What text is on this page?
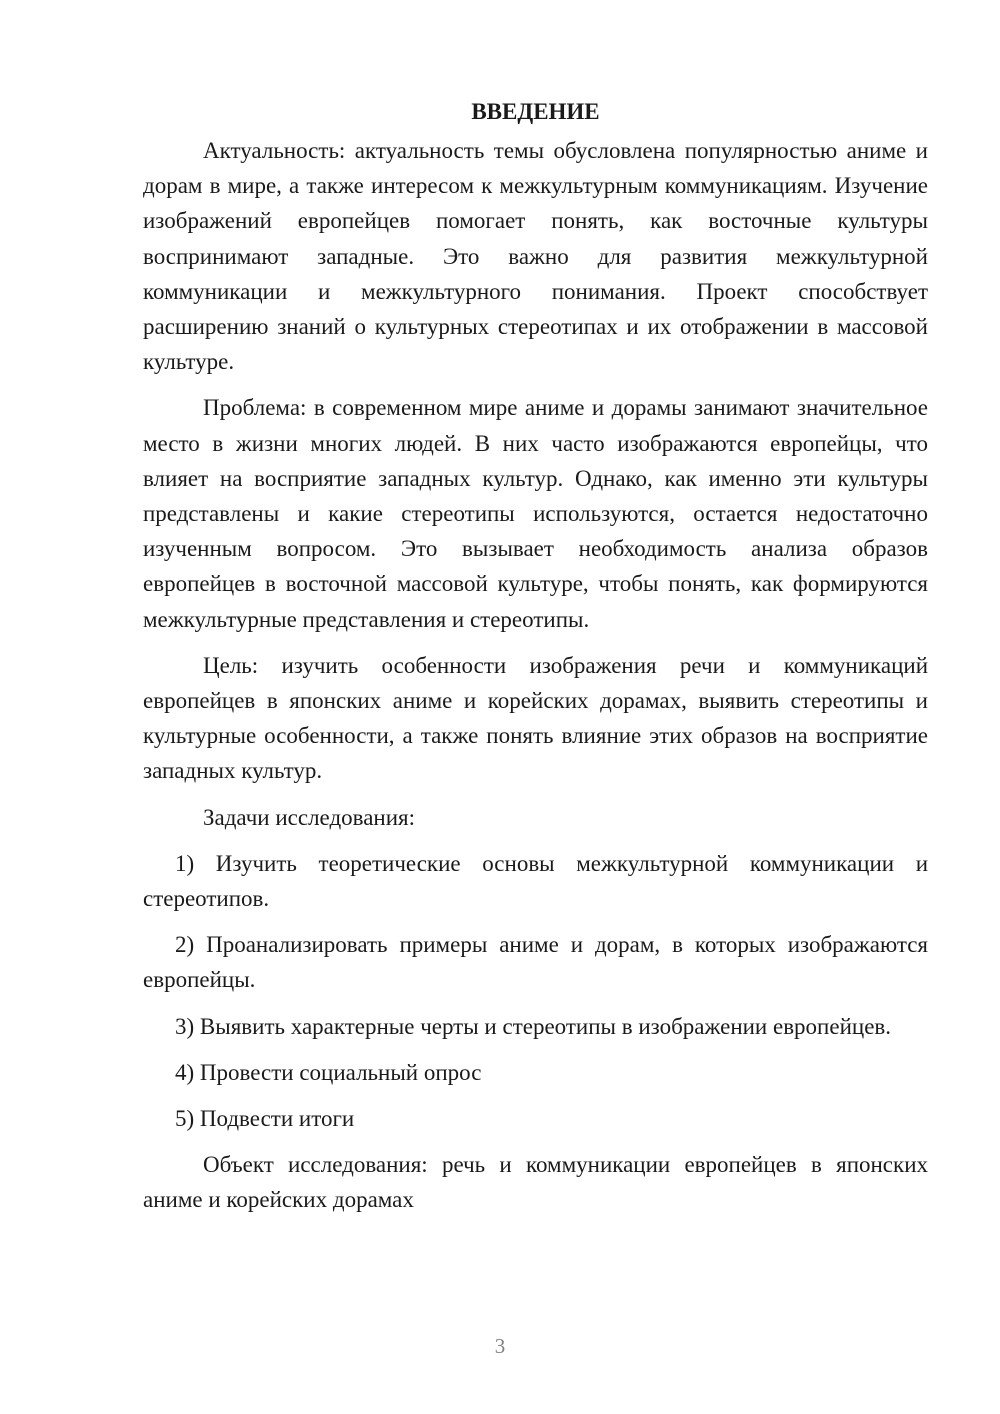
ВВЕДЕНИЕ

Актуальность: актуальность темы обусловлена популярностью аниме и дорам в мире, а также интересом к межкультурным коммуникациям. Изучение изображений европейцев помогает понять, как восточные культуры воспринимают западные. Это важно для развития межкультурной коммуникации и межкультурного понимания. Проект способствует расширению знаний о культурных стереотипах и их отображении в массовой культуре.

Проблема: в современном мире аниме и дорамы занимают значительное место в жизни многих людей. В них часто изображаются европейцы, что влияет на восприятие западных культур. Однако, как именно эти культуры представлены и какие стереотипы используются, остается недостаточно изученным вопросом. Это вызывает необходимость анализа образов европейцев в восточной массовой культуре, чтобы понять, как формируются межкультурные представления и стереотипы.

Цель: изучить особенности изображения речи и коммуникаций европейцев в японских аниме и корейских дорамах, выявить стереотипы и культурные особенности, а также понять влияние этих образов на восприятие западных культур.

Задачи исследования:

1) Изучить теоретические основы межкультурной коммуникации и стереотипов.

2) Проанализировать примеры аниме и дорам, в которых изображаются европейцы.

3) Выявить характерные черты и стереотипы в изображении европейцев.

4) Провести социальный опрос

5) Подвести итоги

Объект исследования: речь и коммуникации европейцев в японских аниме и корейских дорамах

3
